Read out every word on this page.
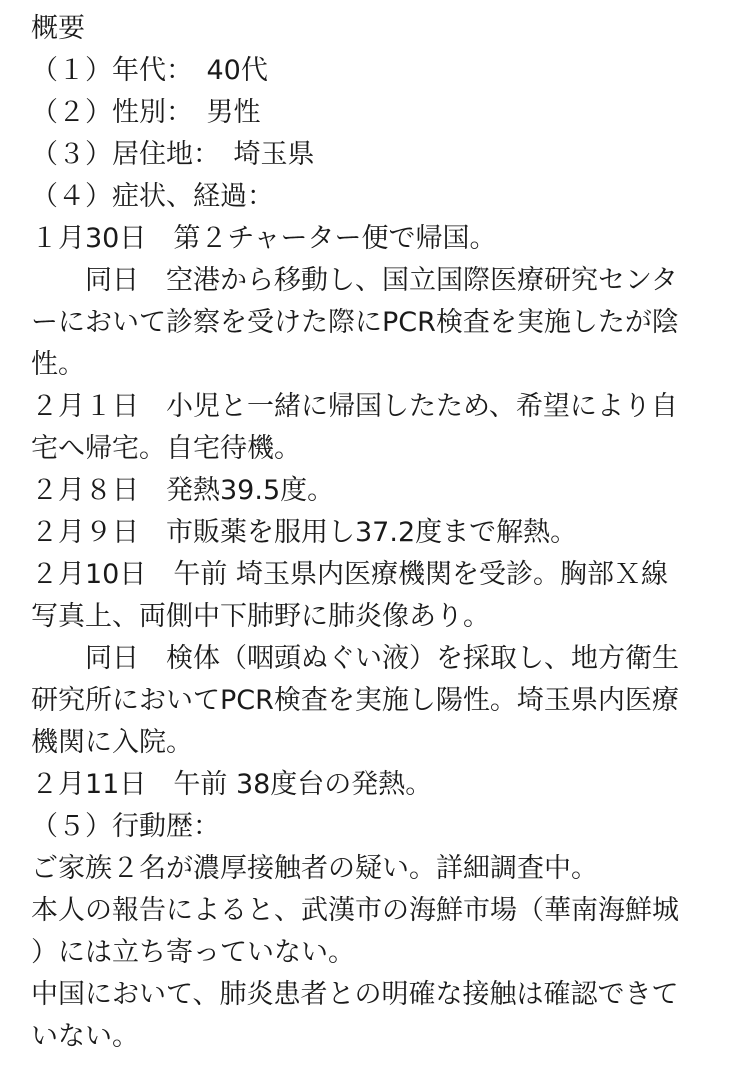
概要
（１）年代：　40代
（２）性別：　男性
（３）居住地：　埼玉県
（４）症状、経過：
１月30日　第２チャーター便で帰国。
　　同日　空港から移動し、国立国際医療研究センタ
ーにおいて診察を受けた際にPCR検査を実施したが陰
性。
２月１日　小児と一緒に帰国したため、希望により自
宅へ帰宅。自宅待機。
２月８日　発熱39.5度。
２月９日　市販薬を服用し37.2度まで解熱。
２月10日　午前 埼玉県内医療機関を受診。胸部Ｘ線
写真上、両側中下肺野に肺炎像あり。
　　同日　検体（咽頭ぬぐい液）を採取し、地方衛生
研究所においてPCR検査を実施し陽性。埼玉県内医療
機関に入院。
２月11日　午前 38度台の発熱。
（５）行動歴：
ご家族２名が濃厚接触者の疑い。詳細調査中。
本人の報告によると、武漢市の海鮮市場（華南海鮮城
）には立ち寄っていない。
中国において、肺炎患者との明確な接触は確認できて
いない。
